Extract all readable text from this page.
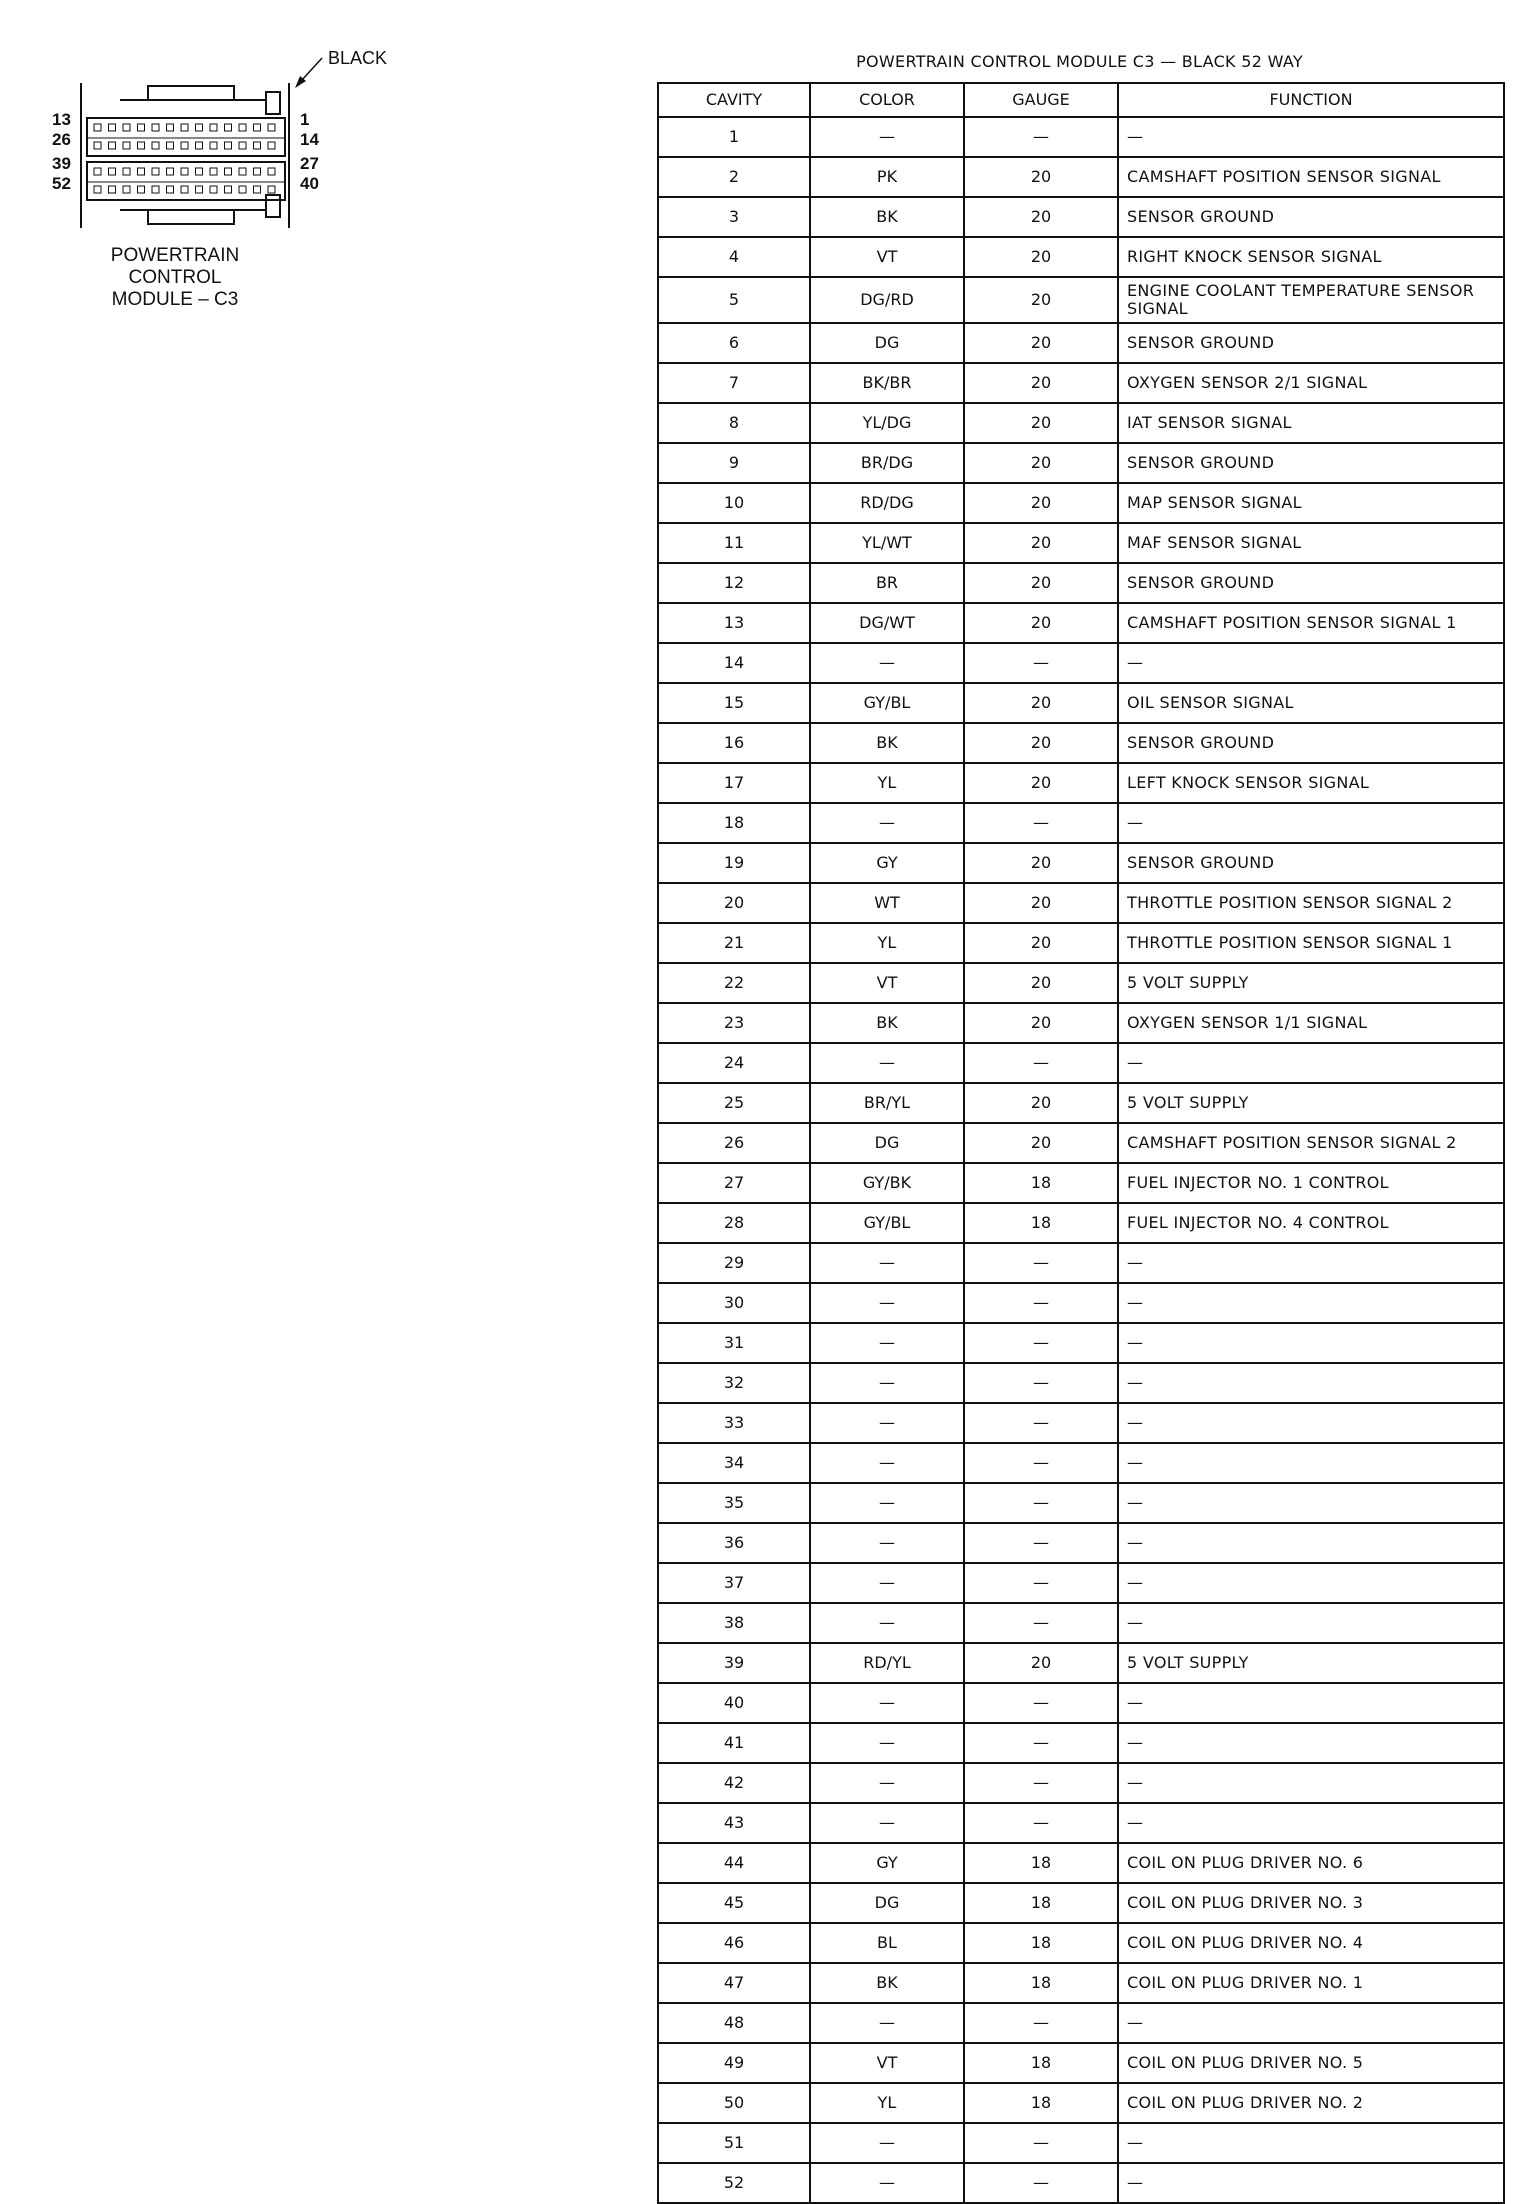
BLACK
13
26
39
52
1
14
27
40
POWERTRAIN
CONTROL
MODULE – C3
POWERTRAIN CONTROL MODULE C3 — BLACK 52 WAY
CAVITY	COLOR	GAUGE	FUNCTION
1	—	—	—
2	PK	20	CAMSHAFT POSITION SENSOR SIGNAL
3	BK	20	SENSOR GROUND
4	VT	20	RIGHT KNOCK SENSOR SIGNAL
5	DG/RD	20	ENGINE COOLANT TEMPERATURE SENSOR SIGNAL
6	DG	20	SENSOR GROUND
7	BK/BR	20	OXYGEN SENSOR 2/1 SIGNAL
8	YL/DG	20	IAT SENSOR SIGNAL
9	BR/DG	20	SENSOR GROUND
10	RD/DG	20	MAP SENSOR SIGNAL
11	YL/WT	20	MAF SENSOR SIGNAL
12	BR	20	SENSOR GROUND
13	DG/WT	20	CAMSHAFT POSITION SENSOR SIGNAL 1
14	—	—	—
15	GY/BL	20	OIL SENSOR SIGNAL
16	BK	20	SENSOR GROUND
17	YL	20	LEFT KNOCK SENSOR SIGNAL
18	—	—	—
19	GY	20	SENSOR GROUND
20	WT	20	THROTTLE POSITION SENSOR SIGNAL 2
21	YL	20	THROTTLE POSITION SENSOR SIGNAL 1
22	VT	20	5 VOLT SUPPLY
23	BK	20	OXYGEN SENSOR 1/1 SIGNAL
24	—	—	—
25	BR/YL	20	5 VOLT SUPPLY
26	DG	20	CAMSHAFT POSITION SENSOR SIGNAL 2
27	GY/BK	18	FUEL INJECTOR NO. 1 CONTROL
28	GY/BL	18	FUEL INJECTOR NO. 4 CONTROL
29	—	—	—
30	—	—	—
31	—	—	—
32	—	—	—
33	—	—	—
34	—	—	—
35	—	—	—
36	—	—	—
37	—	—	—
38	—	—	—
39	RD/YL	20	5 VOLT SUPPLY
40	—	—	—
41	—	—	—
42	—	—	—
43	—	—	—
44	GY	18	COIL ON PLUG DRIVER NO. 6
45	DG	18	COIL ON PLUG DRIVER NO. 3
46	BL	18	COIL ON PLUG DRIVER NO. 4
47	BK	18	COIL ON PLUG DRIVER NO. 1
48	—	—	—
49	VT	18	COIL ON PLUG DRIVER NO. 5
50	YL	18	COIL ON PLUG DRIVER NO. 2
51	—	—	—
52	—	—	—
